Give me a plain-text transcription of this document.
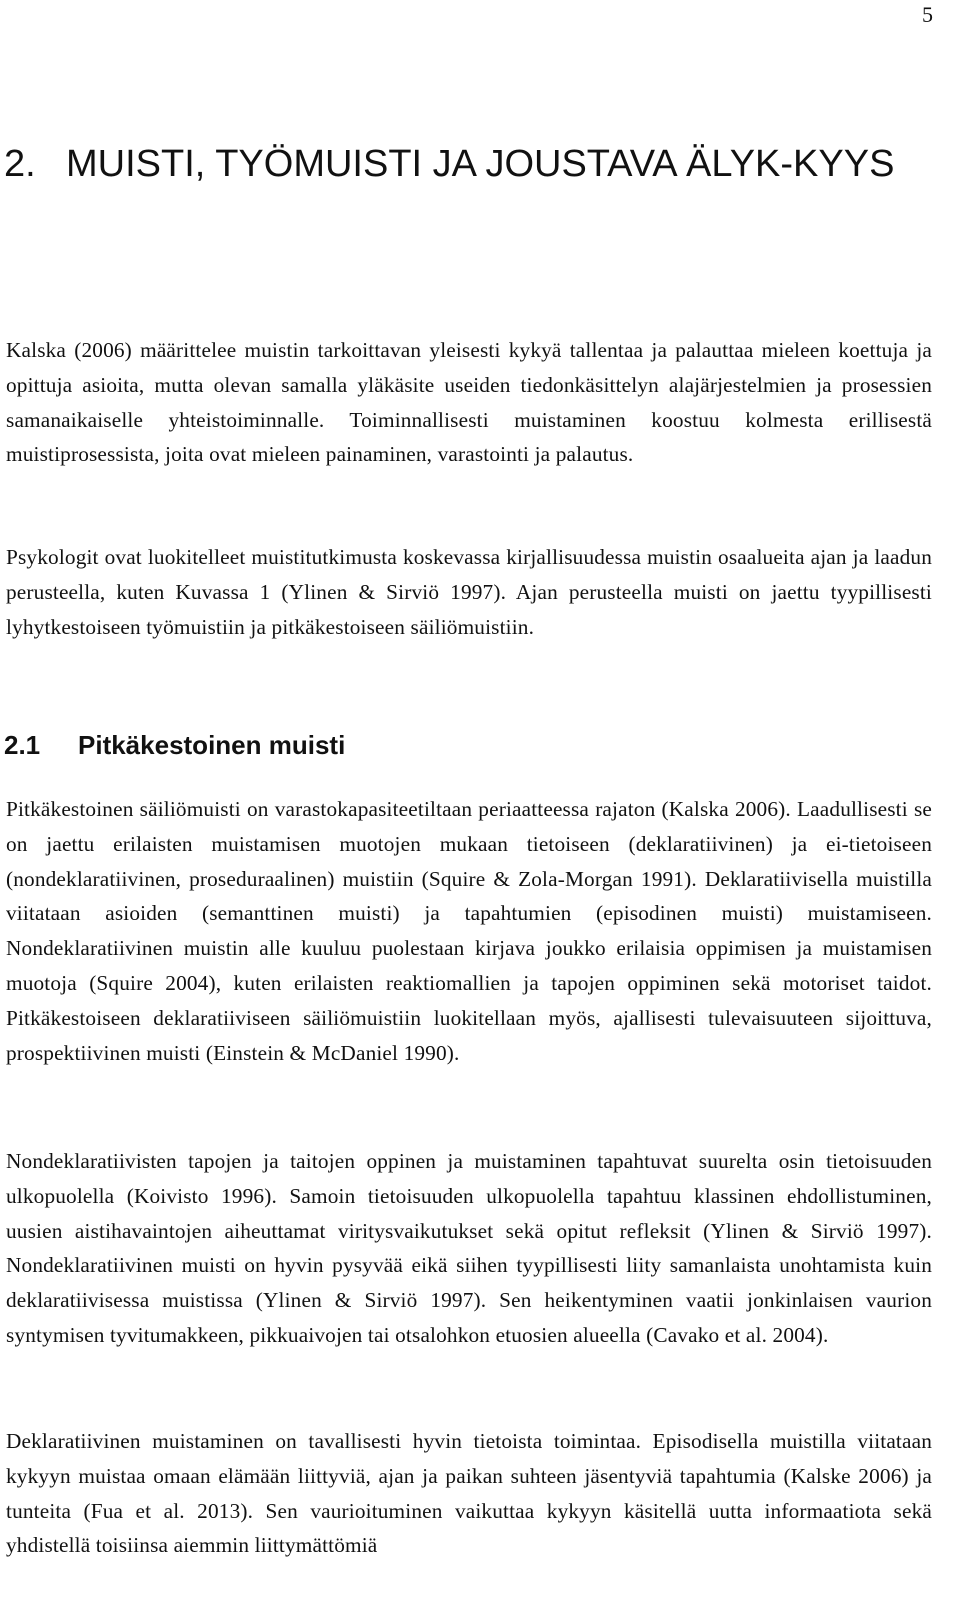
5
2. MUISTI, TYÖMUISTI JA JOUSTAVA ÄLYK-KYYS

Kalska (2006) määrittelee muistin tarkoittavan yleisesti kykyä tallentaa ja palauttaa mieleen koettuja ja opittuja asioita, mutta olevan samalla yläkäsite useiden tiedonkäsittelyn alajärjestelmien ja prosessien samanaikaiselle yhteistoiminnalle. Toiminnallisesti muistaminen koostuu kolmesta erillisestä muistiprosessista, joita ovat mieleen painaminen, varastointi ja palautus.

Psykologit ovat luokitelleet muistitutkimusta koskevassa kirjallisuudessa muistin osaalueita ajan ja laadun perusteella, kuten Kuvassa 1 (Ylinen & Sirviö 1997). Ajan perusteella muisti on jaettu tyypillisesti lyhytkestoiseen työmuistiin ja pitkäkestoiseen säiliömuistiin.

2.1	Pitkäkestoinen muisti

Pitkäkestoinen säiliömuisti on varastokapasiteetiltaan periaatteessa rajaton (Kalska 2006). Laadullisesti se on jaettu erilaisten muistamisen muotojen mukaan tietoiseen (deklaratiivinen) ja ei-tietoiseen (nondeklaratiivinen, proseduraalinen) muistiin (Squire & Zola-Morgan 1991). Deklaratiivisella muistilla viitataan asioiden (semanttinen muisti) ja tapahtumien (episodinen muisti) muistamiseen. Nondeklaratiivinen muistin alle kuuluu puolestaan kirjava joukko erilaisia oppimisen ja muistamisen muotoja (Squire 2004), kuten erilaisten reaktiomallien ja tapojen oppiminen sekä motoriset taidot. Pitkäkestoiseen deklaratiiviseen säiliömuistiin luokitellaan myös, ajallisesti tulevaisuuteen sijoittuva, prospektiivinen muisti (Einstein & McDaniel 1990).

Nondeklaratiivisten tapojen ja taitojen oppinen ja muistaminen tapahtuvat suurelta osin tietoisuuden ulkopuolella (Koivisto 1996). Samoin tietoisuuden ulkopuolella tapahtuu klassinen ehdollistuminen, uusien aistihavaintojen aiheuttamat viritysvaikutukset sekä opitut refleksit (Ylinen & Sirviö 1997). Nondeklaratiivinen muisti on hyvin pysyvää eikä siihen tyypillisesti liity samanlaista unohtamista kuin deklaratiivisessa muistissa (Ylinen & Sirviö 1997). Sen heikentyminen vaatii jonkinlaisen vaurion syntymisen tyvitumakkeen, pikkuaivojen tai otsalohkon etuosien alueella (Cavako et al. 2004).

Deklaratiivinen muistaminen on tavallisesti hyvin tietoista toimintaa. Episodisella muistilla viitataan kykyyn muistaa omaan elämään liittyviä, ajan ja paikan suhteen jäsentyviä tapahtumia (Kalske 2006) ja tunteita (Fua et al. 2013). Sen vaurioituminen vaikuttaa kykyyn käsitellä uutta informaatiota sekä yhdistellä toisiinsa aiemmin liittymättömiä
